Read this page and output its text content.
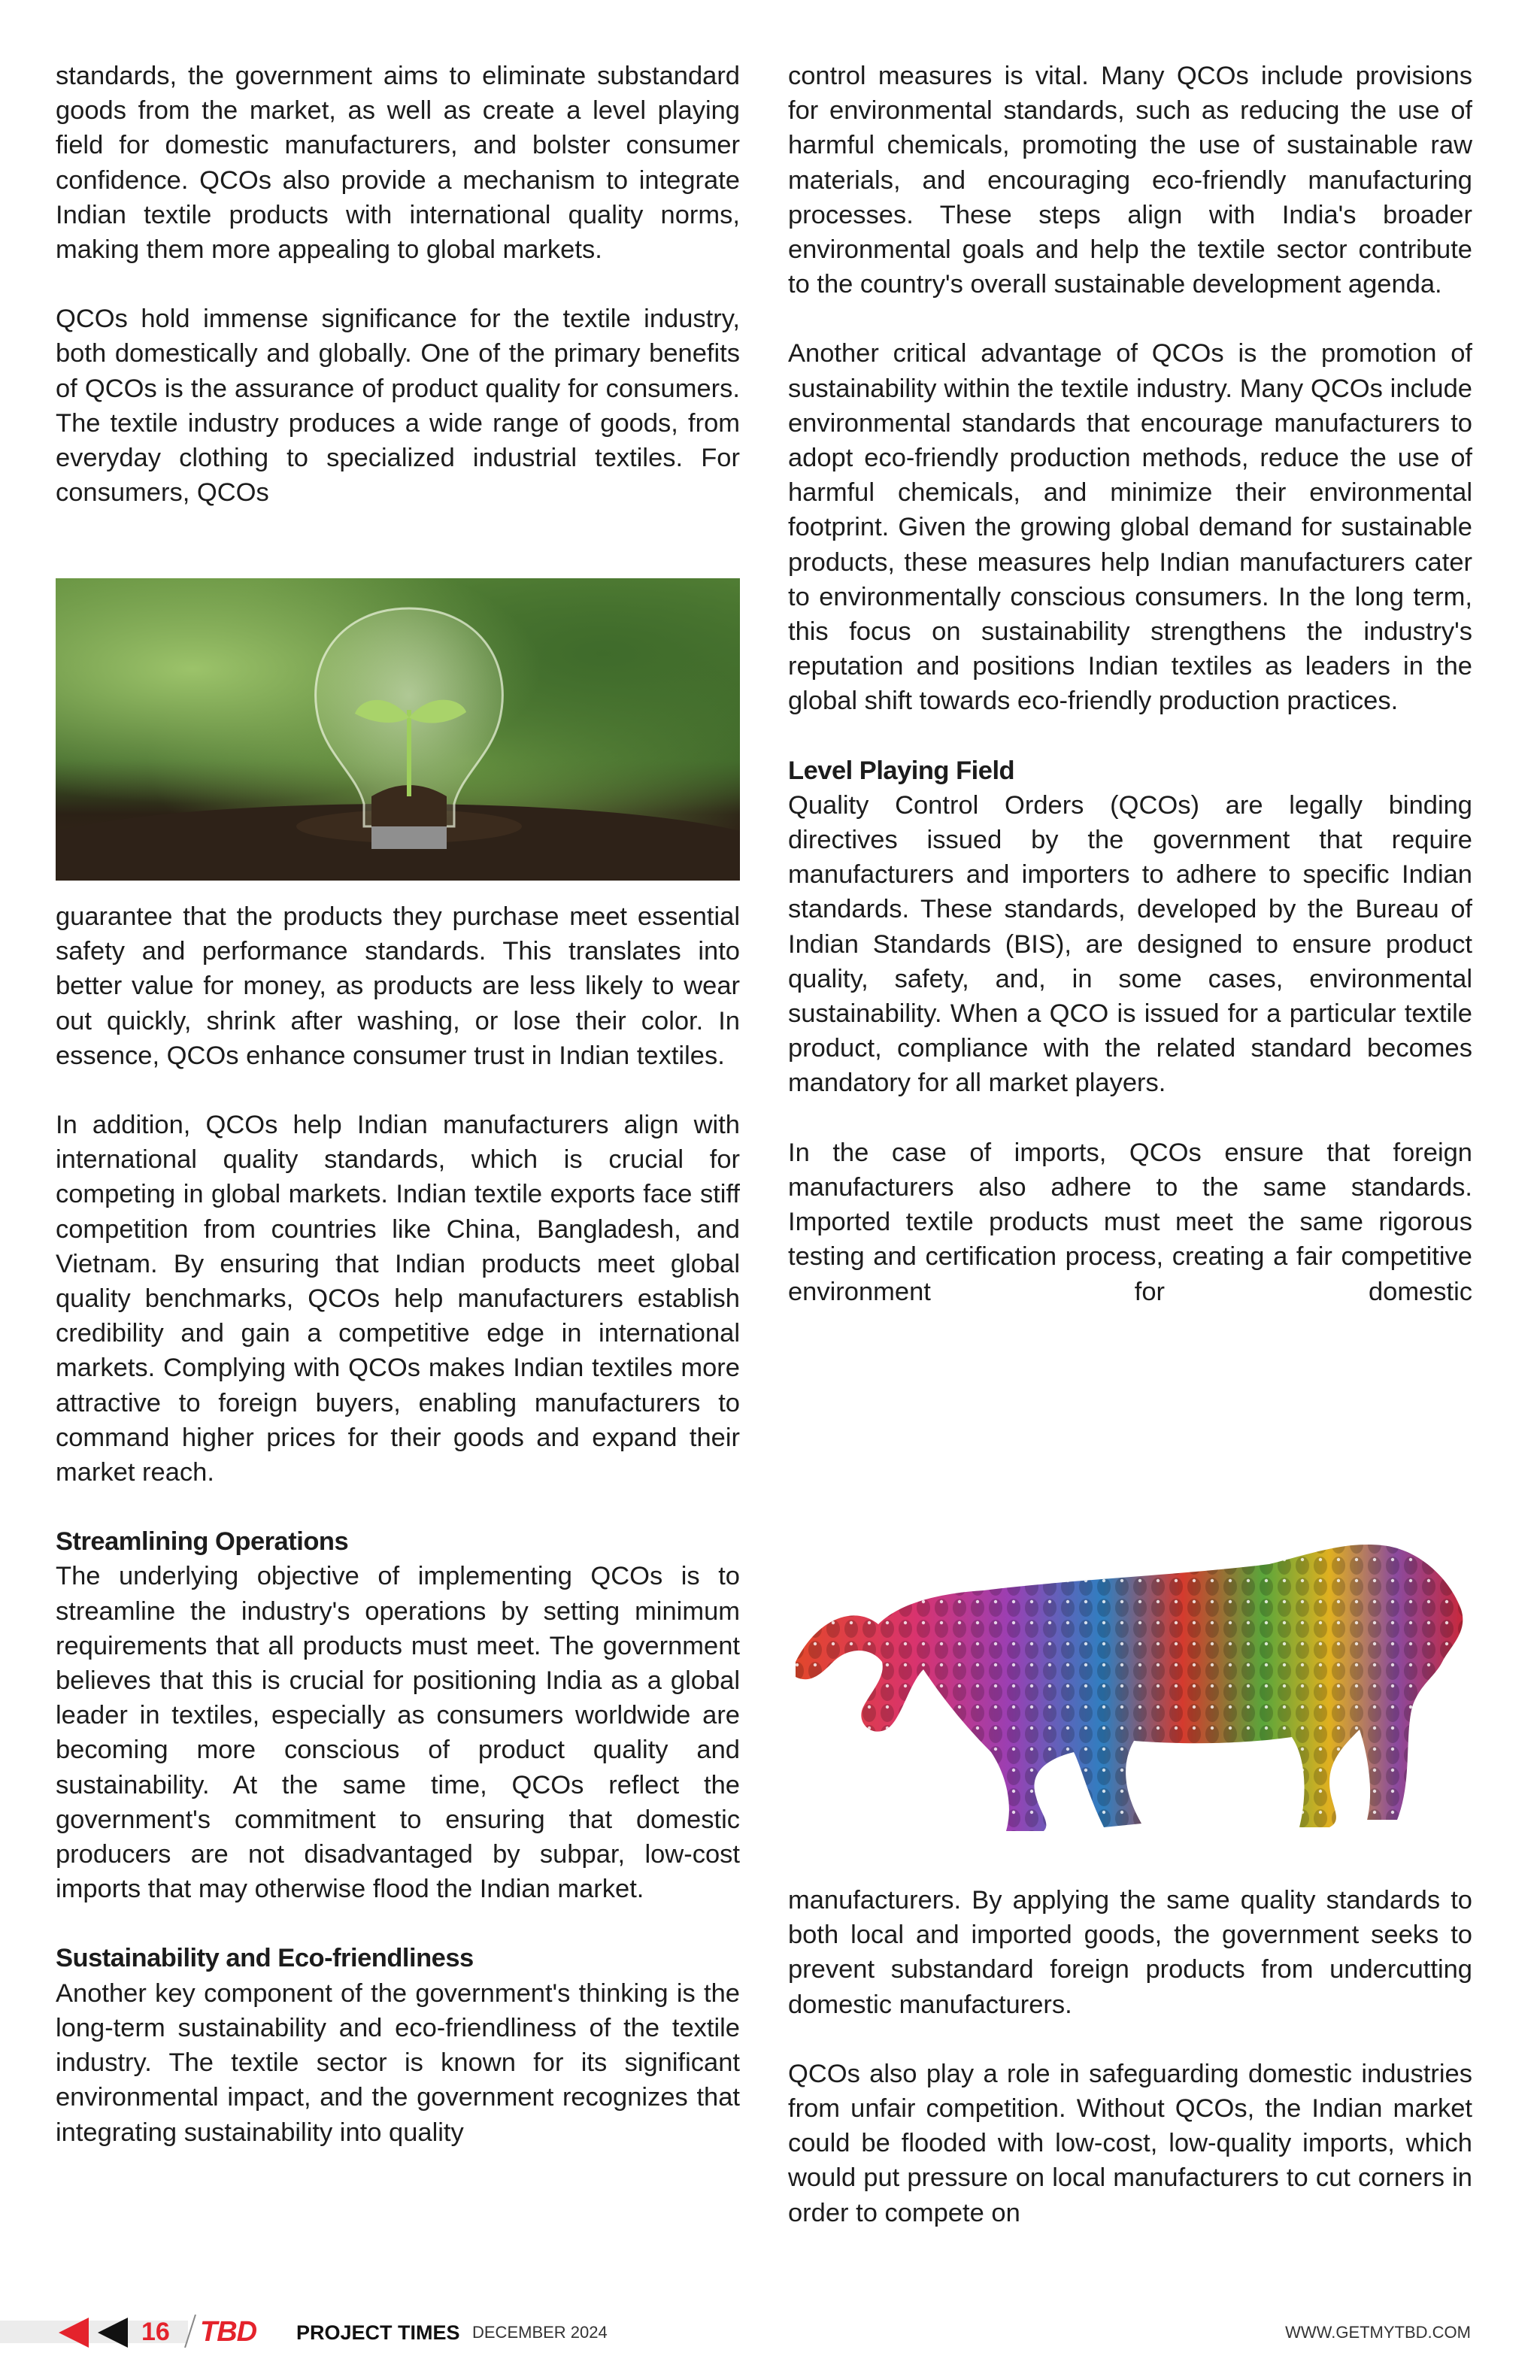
standards, the government aims to eliminate substandard goods from the market, as well as create a level playing field for domestic manufacturers, and bolster consumer confidence. QCOs also provide a mechanism to integrate Indian textile products with international quality norms, making them more appealing to global markets.

QCOs hold immense significance for the textile industry, both domestically and globally. One of the primary benefits of QCOs is the assurance of product quality for consumers. The textile industry produces a wide range of goods, from everyday clothing to specialized industrial textiles. For consumers, QCOs

guarantee that the products they purchase meet essential safety and performance standards. This translates into better value for money, as products are less likely to wear out quickly, shrink after washing, or lose their color. In essence, QCOs enhance consumer trust in Indian textiles.

In addition, QCOs help Indian manufacturers align with international quality standards, which is crucial for competing in global markets. Indian textile exports face stiff competition from countries like China, Bangladesh, and Vietnam. By ensuring that Indian products meet global quality benchmarks, QCOs help manufacturers establish credibility and gain a competitive edge in international markets. Complying with QCOs makes Indian textiles more attractive to foreign buyers, enabling manufacturers to command higher prices for their goods and expand their market reach.

Streamlining Operations

The underlying objective of implementing QCOs is to streamline the industry's operations by setting minimum requirements that all products must meet. The government believes that this is crucial for positioning India as a global leader in textiles, especially as consumers worldwide are becoming more conscious of product quality and sustainability. At the same time, QCOs reflect the government's commitment to ensuring that domestic producers are not disadvantaged by subpar, low-cost imports that may otherwise flood the Indian market.

Sustainability and Eco-friendliness

Another key component of the government's thinking is the long-term sustainability and eco-friendliness of the textile industry. The textile sector is known for its significant environmental impact, and the government recognizes that integrating sustainability into quality

control measures is vital. Many QCOs include provisions for environmental standards, such as reducing the use of harmful chemicals, promoting the use of sustainable raw materials, and encouraging eco-friendly manufacturing processes. These steps align with India's broader environmental goals and help the textile sector contribute to the country's overall sustainable development agenda.

Another critical advantage of QCOs is the promotion of sustainability within the textile industry. Many QCOs include environmental standards that encourage manufacturers to adopt eco-friendly production methods, reduce the use of harmful chemicals, and minimize their environmental footprint. Given the growing global demand for sustainable products, these measures help Indian manufacturers cater to environmentally conscious consumers. In the long term, this focus on sustainability strengthens the industry's reputation and positions Indian textiles as leaders in the global shift towards eco-friendly production practices.

Level Playing Field

Quality Control Orders (QCOs) are legally binding directives issued by the government that require manufacturers and importers to adhere to specific Indian standards. These standards, developed by the Bureau of Indian Standards (BIS), are designed to ensure product quality, safety, and, in some cases, environmental sustainability. When a QCO is issued for a particular textile product, compliance with the related standard becomes mandatory for all market players.

In the case of imports, QCOs ensure that foreign manufacturers also adhere to the same standards. Imported textile products must meet the same rigorous testing and certification process, creating a fair competitive environment for domestic

manufacturers. By applying the same quality standards to both local and imported goods, the government seeks to prevent substandard foreign products from undercutting domestic manufacturers.

QCOs also play a role in safeguarding domestic industries from unfair competition. Without QCOs, the Indian market could be flooded with low-cost, low-quality imports, which would put pressure on local manufacturers to cut corners in order to compete on

16 TBD PROJECT TIMES DECEMBER 2024	WWW.GETMYTBD.COM
